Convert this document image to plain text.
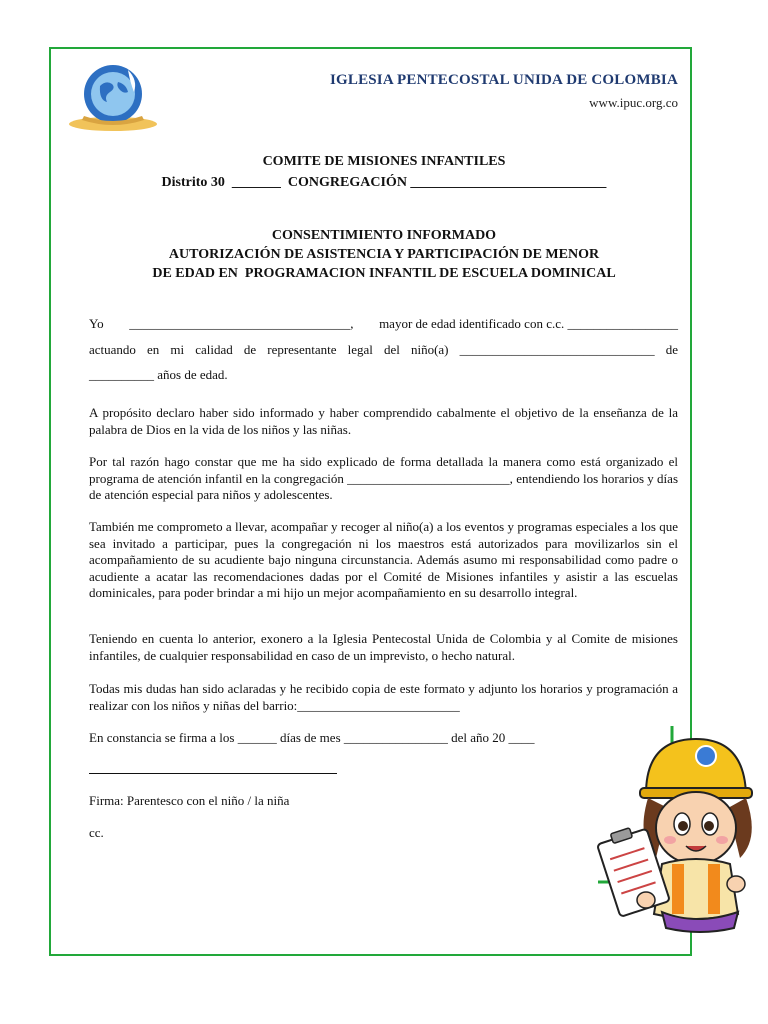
IGLESIA PENTECOSTAL UNIDA DE COLOMBIA
www.ipuc.org.co
COMITE DE MISIONES INFANTILES
Distrito 30  _______  CONGREGACIÓN ____________________________
CONSENTIMIENTO INFORMADO
AUTORIZACIÓN DE ASISTENCIA Y PARTICIPACIÓN DE MENOR
DE EDAD EN  PROGRAMACION INFANTIL DE ESCUELA DOMINICAL
Yo __________________________________, mayor de edad identificado con c.c. _________________
actuando en mi calidad de representante legal del niño(a) ______________________________ de
__________ años de edad.
A propósito declaro haber sido informado y haber comprendido cabalmente el objetivo de la enseñanza de la palabra de Dios en la vida de los niños y las niñas.
Por tal razón hago constar que me ha sido explicado de forma detallada la manera como está organizado el programa de atención infantil en la congregación _________________________, entendiendo los horarios y días de atención especial para niños y adolescentes.
También me comprometo a llevar, acompañar y recoger al niño(a) a los eventos y programas especiales a los que sea invitado a participar, pues la congregación ni los maestros está autorizados para movilizarlos sin el acompañamiento de su acudiente bajo ninguna circunstancia. Además asumo mi responsabilidad como padre o acudiente a acatar las recomendaciones dadas por el Comité de Misiones infantiles y asistir a las escuelas dominicales, para poder brindar a mi hijo un mejor acompañamiento en su desarrollo integral.
Teniendo en cuenta lo anterior, exonero a la Iglesia Pentecostal Unida de Colombia y al Comite de misiones infantiles, de cualquier responsabilidad en caso de un imprevisto, o hecho natural.
Todas mis dudas han sido aclaradas y he recibido copia de este formato y adjunto los horarios y programación a realizar con los niños y niñas del barrio:_________________________
En constancia se firma a los ______ días de mes ________________ del año 20 ____
Firma: Parentesco con el niño / la niña
cc.
